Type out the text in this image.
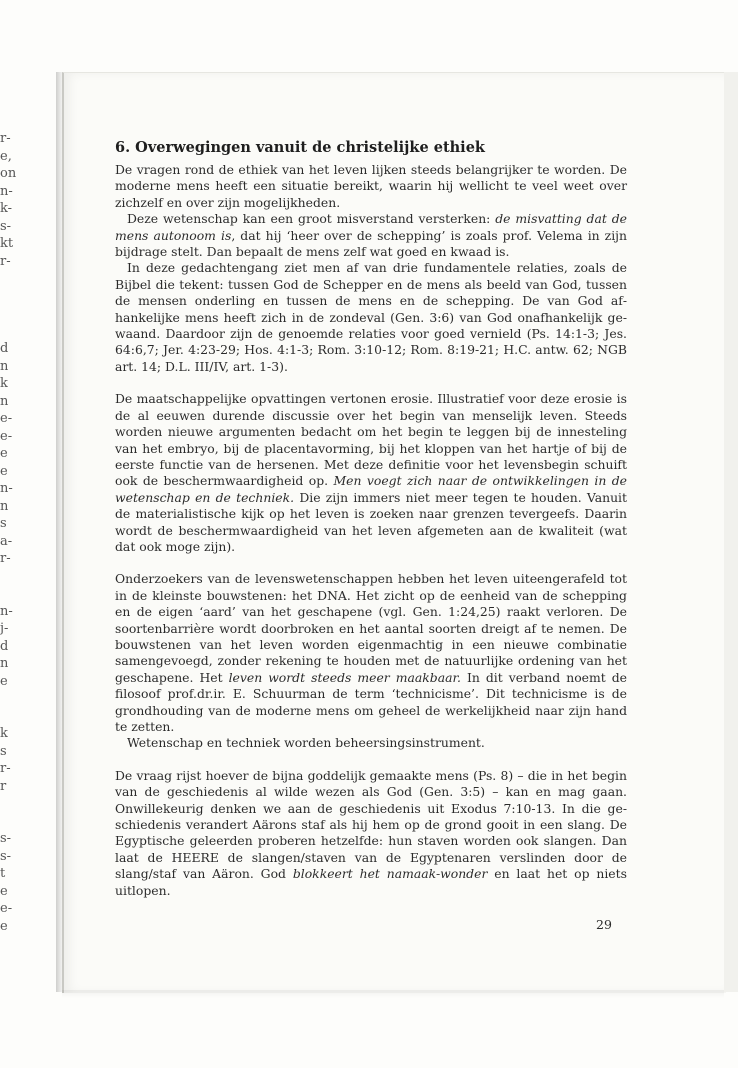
r-
e,
on
n-
k-
s-
kt
r-
d
n
k
n
e-
e-
e
e
n-
n
s
a-
r-
n-
j-
d
n
e
k
s
r-
r
s-
s-
t
e
e-
e
6. Overwegingen vanuit de christelijke ethiek

De vragen rond de ethiek van het leven lijken steeds belangrijker te worden. De moderne mens heeft een situatie bereikt, waarin hij wellicht te veel weet over zichzelf en over zijn mogelijkheden.

Deze wetenschap kan een groot misverstand versterken: de misvatting dat de mens autonoom is, dat hij ‘heer over de schepping’ is zoals prof. Velema in zijn bijdrage stelt. Dan bepaalt de mens zelf wat goed en kwaad is.

In deze gedachtengang ziet men af van drie fundamentele relaties, zoals de Bijbel die tekent: tussen God de Schepper en de mens als beeld van God, tussen de mensen onderling en tussen de mens en de schepping. De van God afhankelijke mens heeft zich in de zondeval (Gen. 3:6) van God onafhankelijk gewaand. Daardoor zijn de genoemde relaties voor goed vernield (Ps. 14:1-3; Jes. 64:6,7; Jer. 4:23-29; Hos. 4:1-3; Rom. 3:10-12; Rom. 8:19-21; H.C. antw. 62; NGB art. 14; D.L. III/IV, art. 1-3).

De maatschappelijke opvattingen vertonen erosie. Illustratief voor deze erosie is de al eeuwen durende discussie over het begin van menselijk leven. Steeds worden nieuwe argumenten bedacht om het begin te leggen bij de innesteling van het embryo, bij de placentavorming, bij het kloppen van het hartje of bij de eerste functie van de hersenen. Met deze definitie voor het levensbegin schuift ook de beschermwaardigheid op. Men voegt zich naar de ontwikkelingen in de wetenschap en de techniek. Die zijn immers niet meer tegen te houden. Vanuit de materialistische kijk op het leven is zoeken naar grenzen tevergeefs. Daarin wordt de beschermwaardigheid van het leven afgemeten aan de kwaliteit (wat dat ook moge zijn).

Onderzoekers van de levenswetenschappen hebben het leven uiteengerafeld tot in de kleinste bouwstenen: het DNA. Het zicht op de eenheid van de schepping en de eigen ‘aard’ van het geschapene (vgl. Gen. 1:24,25) raakt verloren. De soortenbarrière wordt doorbroken en het aantal soorten dreigt af te nemen. De bouwstenen van het leven worden eigenmachtig in een nieuwe combinatie samengevoegd, zonder rekening te houden met de natuurlijke ordening van het geschapene. Het leven wordt steeds meer maakbaar. In dit verband noemt de filosoof prof.dr.ir. E. Schuurman de term ‘technicisme’. Dit technicisme is de grondhouding van de moderne mens om geheel de werkelijkheid naar zijn hand te zetten.

Wetenschap en techniek worden beheersingsinstrument.

De vraag rijst hoever de bijna goddelijk gemaakte mens (Ps. 8) – die in het begin van de geschiedenis al wilde wezen als God (Gen. 3:5) – kan en mag gaan. Onwillekeurig denken we aan de geschiedenis uit Exodus 7:10-13. In die geschiedenis verandert Aärons staf als hij hem op de grond gooit in een slang. De Egyptische geleerden proberen hetzelfde: hun staven worden ook slangen. Dan laat de HEERE de slangen/staven van de Egyptenaren verslinden door de slang/staf van Aäron. God blokkeert het namaak-wonder en laat het op niets uitlopen.

29
